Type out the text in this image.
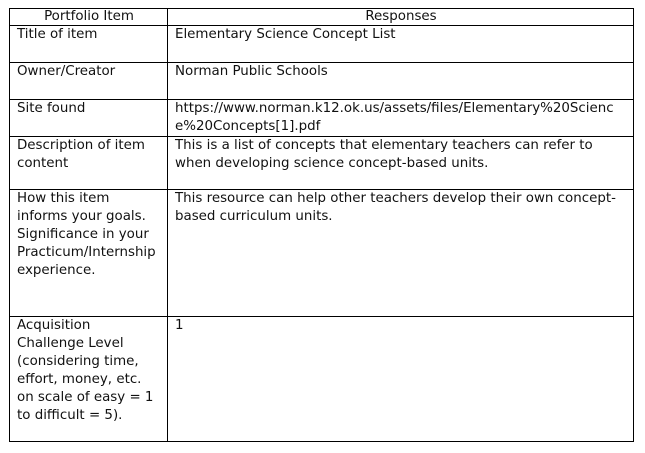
Portfolio Item	Responses
Title of item	Elementary Science Concept List
Owner/Creator	Norman Public Schools
Site found	https://www.norman.k12.ok.us/assets/files/Elementary%20Science%20Concepts[1].pdf
Description of item content	This is a list of concepts that elementary teachers can refer to when developing science concept-based units.
How this item informs your goals. Significance in your Practicum/Internship experience.	This resource can help other teachers develop their own concept-based curriculum units.
Acquisition Challenge Level (considering time, effort, money, etc. on scale of easy = 1 to difficult = 5).	1
